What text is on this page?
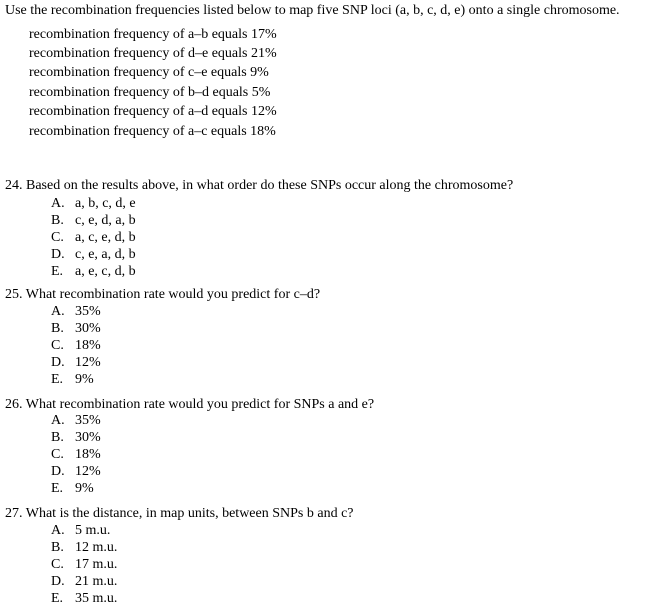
Use the recombination frequencies listed below to map five SNP loci (a, b, c, d, e) onto a single chromosome.
recombination frequency of a–b equals 17%
recombination frequency of d–e equals 21%
recombination frequency of c–e equals 9%
recombination frequency of b–d equals 5%
recombination frequency of a–d equals 12%
recombination frequency of a–c equals 18%
24. Based on the results above, in what order do these SNPs occur along the chromosome?
A. a, b, c, d, e
B. c, e, d, a, b
C. a, c, e, d, b
D. c, e, a, d, b
E. a, e, c, d, b
25. What recombination rate would you predict for c–d?
A. 35%
B. 30%
C. 18%
D. 12%
E. 9%
26. What recombination rate would you predict for SNPs a and e?
A. 35%
B. 30%
C. 18%
D. 12%
E. 9%
27. What is the distance, in map units, between SNPs b and c?
A. 5 m.u.
B. 12 m.u.
C. 17 m.u.
D. 21 m.u.
E. 35 m.u.
